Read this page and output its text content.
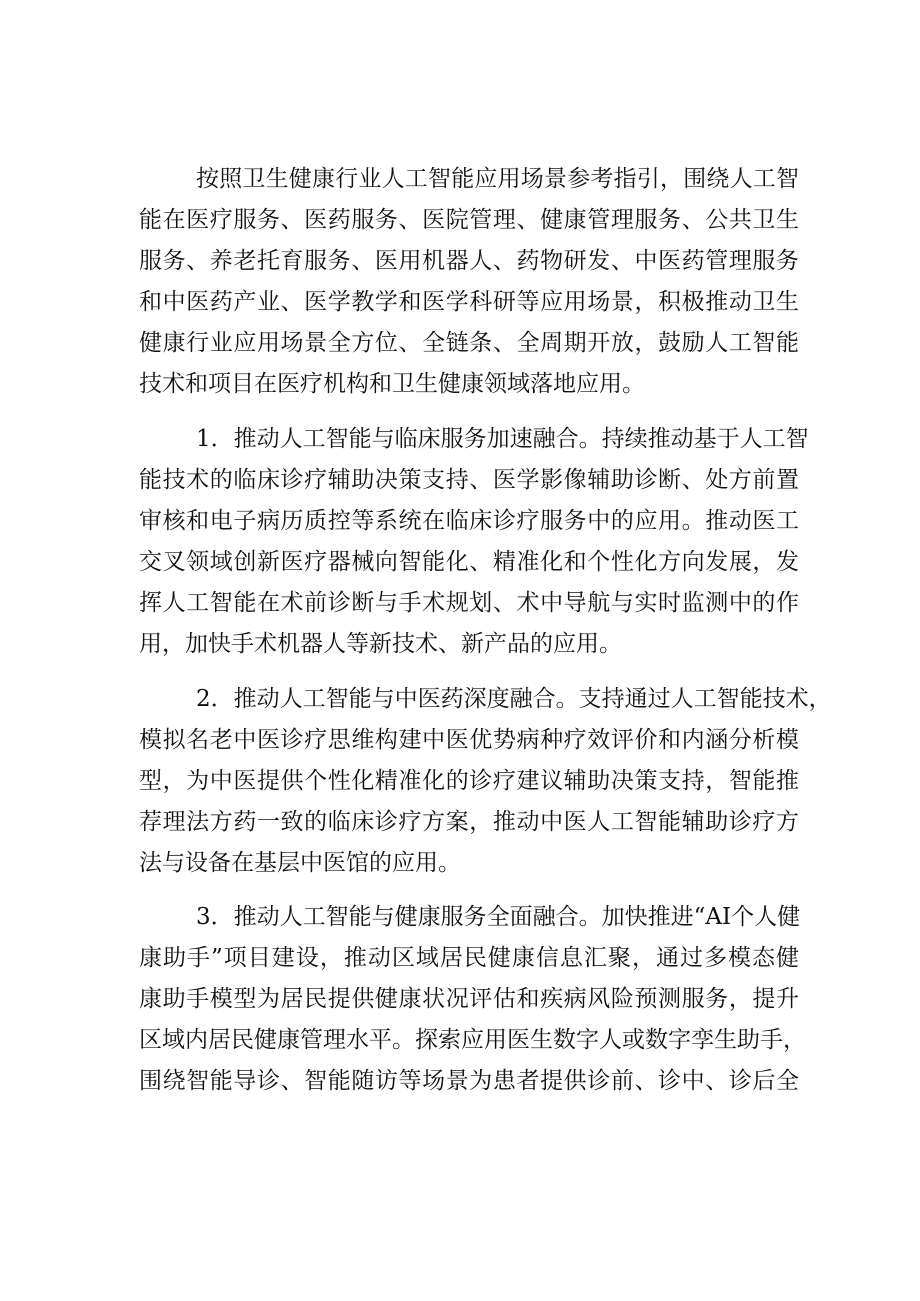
按照卫生健康行业人工智能应用场景参考指引，围绕人工智
能在医疗服务、医药服务、医院管理、健康管理服务、公共卫生
服务、养老托育服务、医用机器人、药物研发、中医药管理服务
和中医药产业、医学教学和医学科研等应用场景，积极推动卫生
健康行业应用场景全方位、全链条、全周期开放，鼓励人工智能
技术和项目在医疗机构和卫生健康领域落地应用。
1．推动人工智能与临床服务加速融合。持续推动基于人工智
能技术的临床诊疗辅助决策支持、医学影像辅助诊断、处方前置
审核和电子病历质控等系统在临床诊疗服务中的应用。推动医工
交叉领域创新医疗器械向智能化、精准化和个性化方向发展，发
挥人工智能在术前诊断与手术规划、术中导航与实时监测中的作
用，加快手术机器人等新技术、新产品的应用。
2．推动人工智能与中医药深度融合。支持通过人工智能技术，
模拟名老中医诊疗思维构建中医优势病种疗效评价和内涵分析模
型，为中医提供个性化精准化的诊疗建议辅助决策支持，智能推
荐理法方药一致的临床诊疗方案，推动中医人工智能辅助诊疗方
法与设备在基层中医馆的应用。
3．推动人工智能与健康服务全面融合。加快推进“AI个人健
康助手”项目建设，推动区域居民健康信息汇聚，通过多模态健
康助手模型为居民提供健康状况评估和疾病风险预测服务，提升
区域内居民健康管理水平。探索应用医生数字人或数字孪生助手，
围绕智能导诊、智能随访等场景为患者提供诊前、诊中、诊后全
